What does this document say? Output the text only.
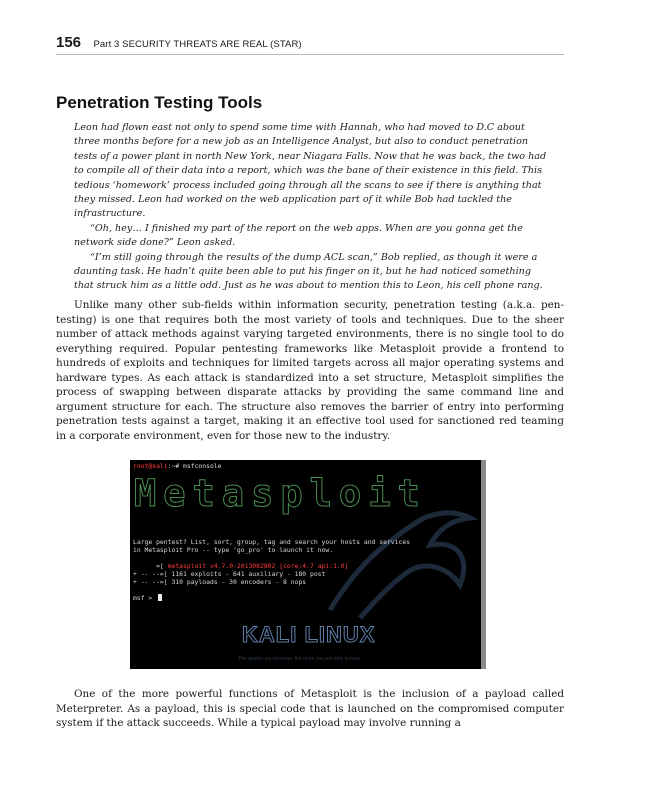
156 Part 3 SECURITY THREATS ARE REAL (STAR)
Penetration Testing Tools

Leon had flown east not only to spend some time with Hannah, who had moved to D.C about three months before for a new job as an Intelligence Analyst, but also to conduct penetration tests of a power plant in north New York, near Niagara Falls. Now that he was back, the two had to compile all of their data into a report, which was the bane of their existence in this field. This tedious ‘homework’ process included going through all the scans to see if there is anything that they missed. Leon had worked on the web application part of it while Bob had tackled the infrastructure.

“Oh, hey… I finished my part of the report on the web apps. When are you gonna get the network side done?” Leon asked.

“I’m still going through the results of the dump ACL scan,” Bob replied, as though it were a daunting task. He hadn’t quite been able to put his finger on it, but he had noticed something that struck him as a little odd. Just as he was about to mention this to Leon, his cell phone rang.

Unlike many other sub-fields within information security, penetration testing (a.k.a. pen-testing) is one that requires both the most variety of tools and techniques. Due to the sheer number of attack methods against varying targeted environments, there is no single tool to do everything required. Popular pentesting frameworks like Metasploit provide a frontend to hundreds of exploits and techniques for limited targets across all major operating systems and hardware types. As each attack is standardized into a set structure, Metasploit simplifies the process of swapping between disparate attacks by providing the same command line and argument structure for each. The structure also removes the barrier of entry into performing penetration tests against a target, making it an effective tool used for sanctioned red teaming in a corporate environment, even for those new to the industry.

root@kali:~# msfconsole
Metasploit
Large pentest? List, sort, group, tag and search your hosts and services
in Metasploit Pro -- type 'go_pro' to launch it now.
=[ metasploit v4.7.0-2013082802 [core:4.7 api:1.0]
+ -- --=[ 1161 exploits - 641 auxiliary - 180 post
+ -- --=[ 310 payloads - 30 encoders - 8 nops
msf >
KALI LINUX
The quieter you become, the more you are able to hear

One of the more powerful functions of Metasploit is the inclusion of a payload called Meterpreter. As a payload, this is special code that is launched on the compromised computer system if the attack succeeds. While a typical payload may involve running a
